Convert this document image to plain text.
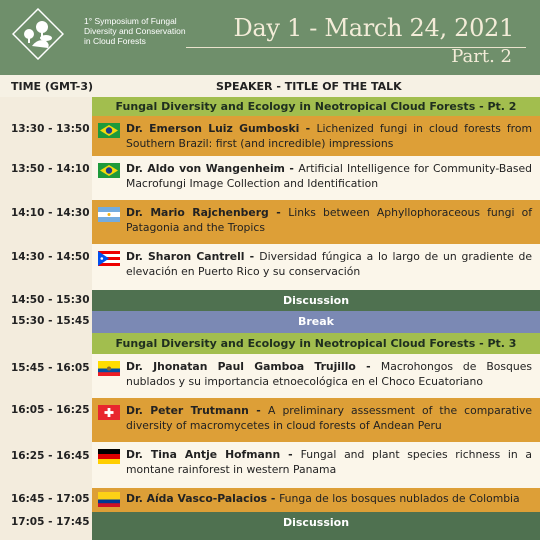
1° Symposium of Fungal
Diversity and Conservation
in Cloud Forests	Day 1 - March 24, 2021
Part. 2
TIME (GMT-3)	SPEAKER - TITLE OF THE TALK
Fungal Diversity and Ecology in Neotropical Cloud Forests - Pt. 2
13:30 - 13:50	Dr. Emerson Luiz Gumboski - Lichenized fungi in cloud forests from Southern Brazil: first (and incredible) impressions
13:50 - 14:10	Dr. Aldo von Wangenheim - Artificial Intelligence for Community-Based Macrofungi Image Collection and Identification
14:10 - 14:30	Dr. Mario Rajchenberg - Links between Aphyllophoraceous fungi of Patagonia and the Tropics
14:30 - 14:50	Dr. Sharon Cantrell - Diversidad fúngica a lo largo de un gradiente de elevación en Puerto Rico y su conservación
14:50 - 15:30	Discussion
15:30 - 15:45	Break
Fungal Diversity and Ecology in Neotropical Cloud Forests - Pt. 3
15:45 - 16:05	Dr. Jhonatan Paul Gamboa Trujillo - Macrohongos de Bosques nublados y su importancia etnoecológica en el Choco Ecuatoriano
16:05 - 16:25	Dr. Peter Trutmann - A preliminary assessment of the comparative diversity of macromycetes in cloud forests of Andean Peru
16:25 - 16:45	Dr. Tina Antje Hofmann - Fungal and plant species richness in a montane rainforest in western Panama
16:45 - 17:05	Dr. Aída Vasco-Palacios - Funga de los bosques nublados de Colombia
17:05 - 17:45	Discussion
